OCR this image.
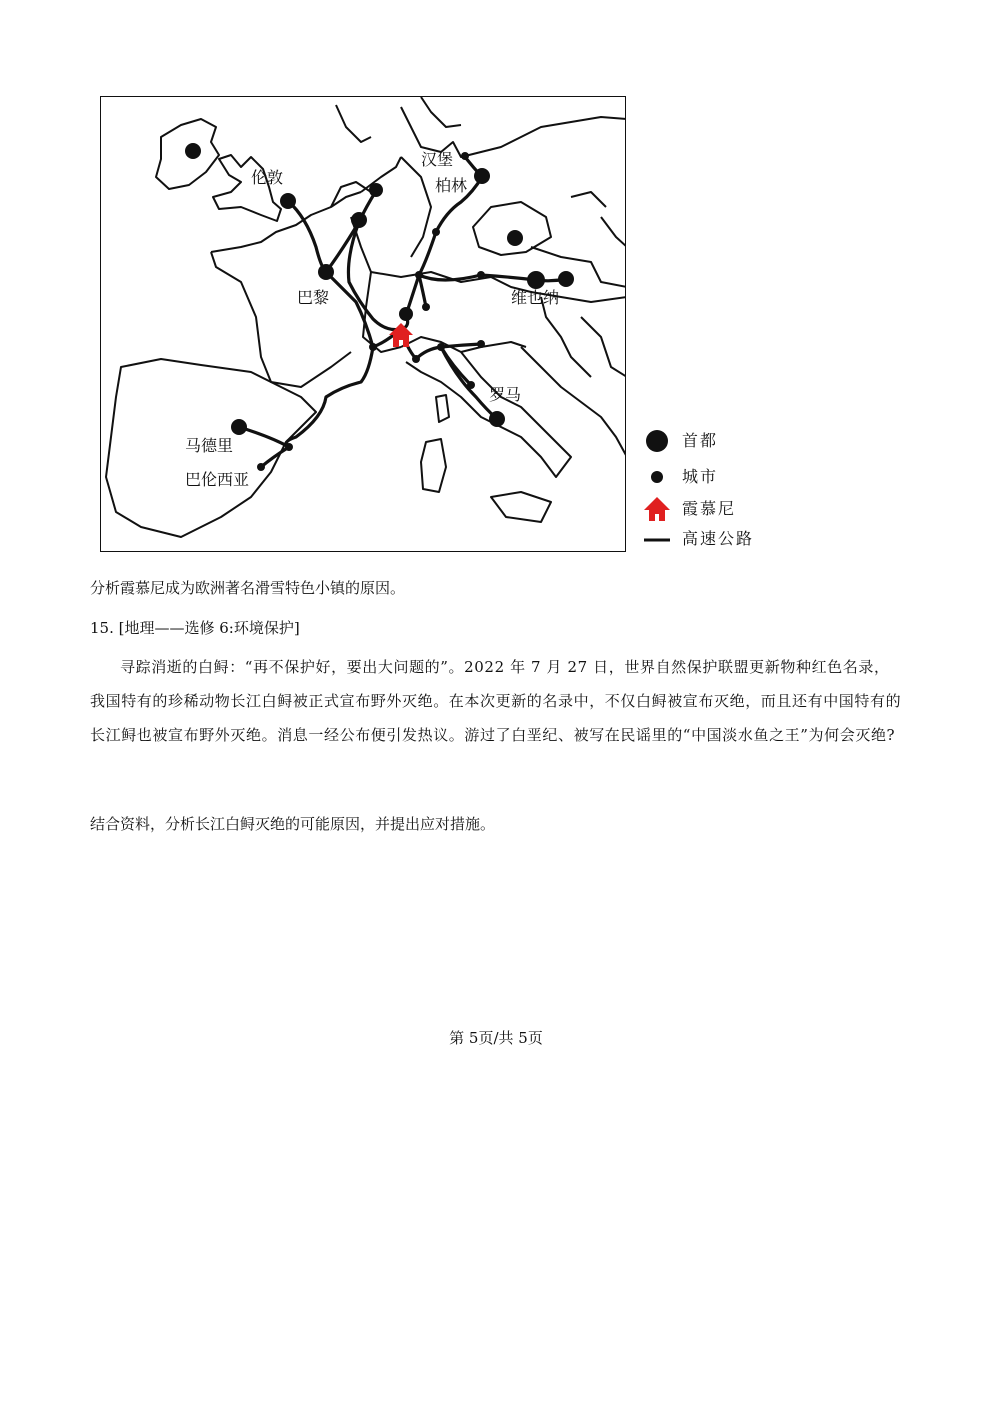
伦敦
巴黎
汉堡
柏林
维也纳
罗马
马德里
巴伦西亚
首都
城市
霞慕尼
高速公路
分析霞慕尼成为欧洲著名滑雪特色小镇的原因。
15. [地理——选修 6:环境保护]
寻踪消逝的白鲟：“再不保护好，要出大问题的”。2022 年 7 月 27 日，世界自然保护联盟更新物种红色名录，我国特有的珍稀动物长江白鲟被正式宣布野外灭绝。在本次更新的名录中，不仅白鲟被宣布灭绝，而且还有中国特有的长江鲟也被宣布野外灭绝。消息一经公布便引发热议。游过了白垩纪、被写在民谣里的“中国淡水鱼之王”为何会灭绝?
结合资料，分析长江白鲟灭绝的可能原因，并提出应对措施。
第 5页/共 5页
